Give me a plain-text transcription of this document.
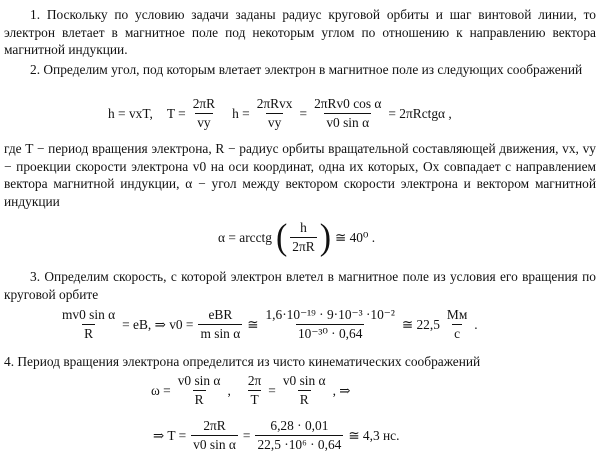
1. Поскольку по условию задачи заданы радиус круговой орбиты и шаг винтовой линии, то электрон влетает в магнитное поле под некоторым углом по отношению к направлению вектора магнитной индукции.
2. Определим угол, под которым влетает электрон в магнитное поле из следующих соображений
h = vxT, $T = \frac{2\pi R}{vy}$ $h = \frac{\text{2πRvx}}{vy} = \frac{\text{2πRv0 cos α}}{\text{v0 sin α}}$ = 2πRctgα ,
где T − период вращения электрона, R − радиус орбиты вращательной составляющей движения, vx, vy − проекции скорости электрона v0 на оси координат, одна их которых, Ox совпадает с направлением вектора магнитной индукции, α − угол между вектором скорости электрона и вектором магнитной индукции
α = arcctg ( $\frac{h}{2\pi R}$ ) ≅ 40⁰ .
3. Определим скорость, с которой электрон влетел в магнитное поле из условия его вращения по круговой орбите
$\frac{\text{mv0 sin α}}{R}$ = eB, ⇒ $v0 = \frac{\text{eBR}}{\text{m sin α}}$ ≅ $\frac{\text{1,6·10⁻¹⁹ · 9·10⁻³ ·10⁻²}}{\text{10⁻³⁰ · 0,64}}$ ≅ $22,5 \frac{Мм}{с}$ .
4. Период вращения электрона определится из чисто кинематических соображений
$\omega = \frac{\text{v0 sin α}}{R}$ , $\frac{2\pi}{T} = \frac{\text{v0 sin α}}{R}$ , ⇒
⇒ $T = \frac{2\pi R}{\text{v0 sin α}} = \frac{6,28 \cdot 0,01}{\text{22,5 ·10⁶ · 0,64}}$ ≅ 4,3 нс.
